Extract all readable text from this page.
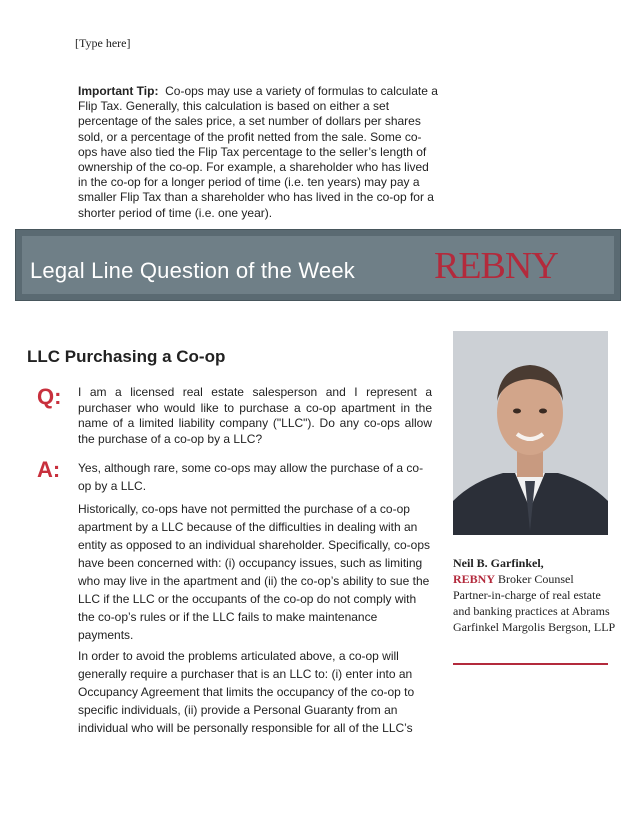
[Type here]
Important Tip: Co-ops may use a variety of formulas to calculate a Flip Tax. Generally, this calculation is based on either a set percentage of the sales price, a set number of dollars per shares sold, or a percentage of the profit netted from the sale. Some co-ops have also tied the Flip Tax percentage to the seller’s length of ownership of the co-op. For example, a shareholder who has lived in the co-op for a longer period of time (i.e. ten years) may pay a smaller Flip Tax than a shareholder who has lived in the co-op for a shorter period of time (i.e. one year).
Legal Line Question of the Week REBNY
LLC Purchasing a Co-op
Q: I am a licensed real estate salesperson and I represent a purchaser who would like to purchase a co-op apartment in the name of a limited liability company ("LLC"). Do any co-ops allow the purchase of a co-op by a LLC?
A: Yes, although rare, some co-ops may allow the purchase of a co-op by a LLC.
Historically, co-ops have not permitted the purchase of a co-op apartment by a LLC because of the difficulties in dealing with an entity as opposed to an individual shareholder. Specifically, co-ops have been concerned with: (i) occupancy issues, such as limiting who may live in the apartment and (ii) the co-op’s ability to sue the LLC if the LLC or the occupants of the co-op do not comply with the co-op’s rules or if the LLC fails to make maintenance payments.
In order to avoid the problems articulated above, a co-op will generally require a purchaser that is an LLC to: (i) enter into an Occupancy Agreement that limits the occupancy of the co-op to specific individuals, (ii) provide a Personal Guaranty from an individual who will be personally responsible for all of the LLC’s
Neil B. Garfinkel,
REBNY Broker Counsel
Partner-in-charge of real estate and banking practices at Abrams Garfinkel Margolis Bergson, LLP
